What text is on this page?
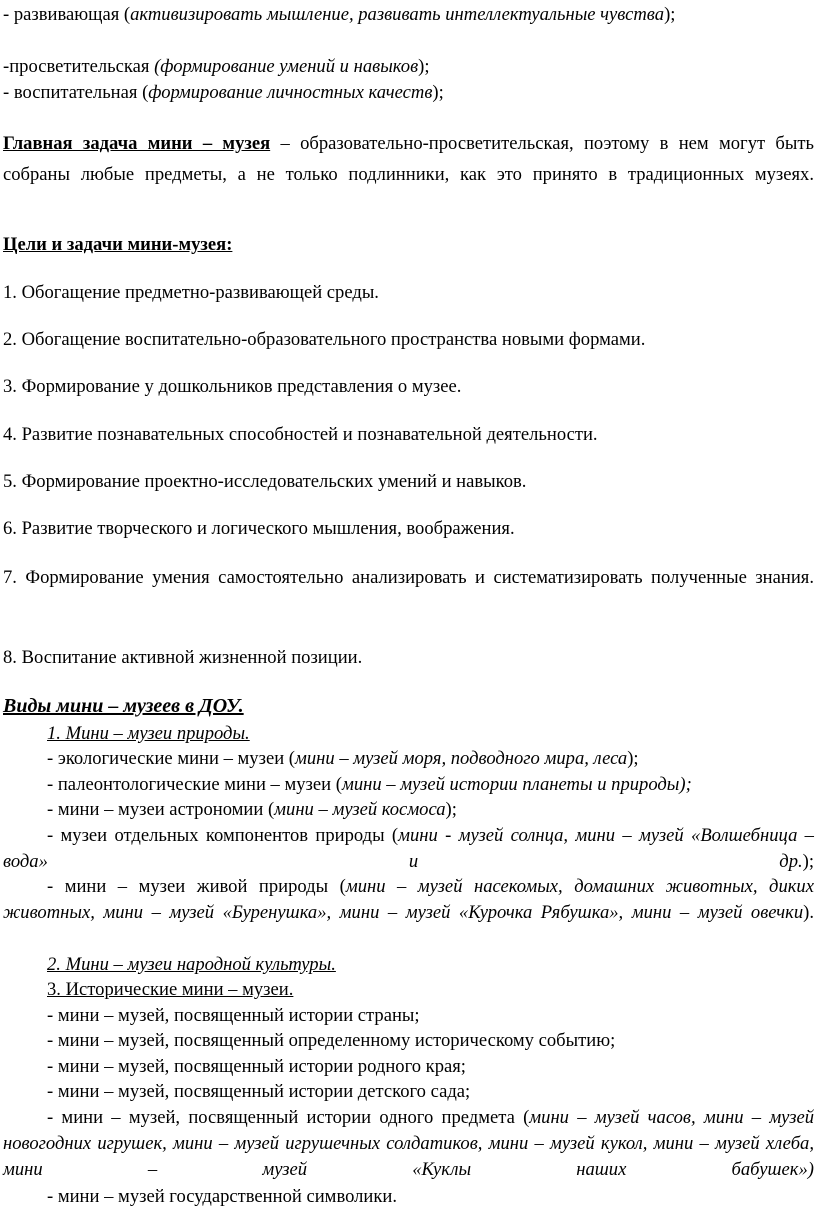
- развивающая (активизировать мышление, развивать интеллектуальные чувства);
-просветительская (формирование умений и навыков);
- воспитательная (формирование личностных качеств);
Главная задача мини – музея – образовательно-просветительская, поэтому в нем могут быть собраны любые предметы, а не только подлинники, как это принято в традиционных музеях.
Цели и задачи мини-музея:
1. Обогащение предметно-развивающей среды.
2. Обогащение воспитательно-образовательного пространства новыми формами.
3. Формирование у дошкольников представления о музее.
4. Развитие познавательных способностей и познавательной деятельности.
5. Формирование проектно-исследовательских умений и навыков.
6. Развитие творческого и логического мышления, воображения.
7. Формирование умения самостоятельно анализировать и систематизировать полученные знания.
8. Воспитание активной жизненной позиции.
Виды мини – музеев в ДОУ.
1. Мини – музеи природы.
- экологические мини – музеи (мини – музей моря, подводного мира, леса);
- палеонтологические мини – музеи (мини – музей истории планеты и природы);
- мини – музеи астрономии (мини – музей космоса);
- музеи отдельных компонентов природы (мини - музей солнца, мини – музей «Волшебница – вода» и др.);
- мини – музеи живой природы (мини – музей насекомых, домашних животных, диких животных, мини – музей «Буренушка», мини – музей «Курочка Рябушка», мини – музей овечки).
2. Мини – музеи народной культуры.
3. Исторические мини – музеи.
- мини – музей, посвященный истории страны;
- мини – музей, посвященный определенному историческому событию;
- мини – музей, посвященный истории родного края;
- мини – музей, посвященный истории детского сада;
- мини – музей, посвященный истории одного предмета (мини – музей часов, мини – музей новогодних игрушек, мини – музей игрушечных солдатиков, мини – музей кукол, мини – музей хлеба, мини – музей «Куклы наших бабушек»)
- мини – музей государственной символики.
